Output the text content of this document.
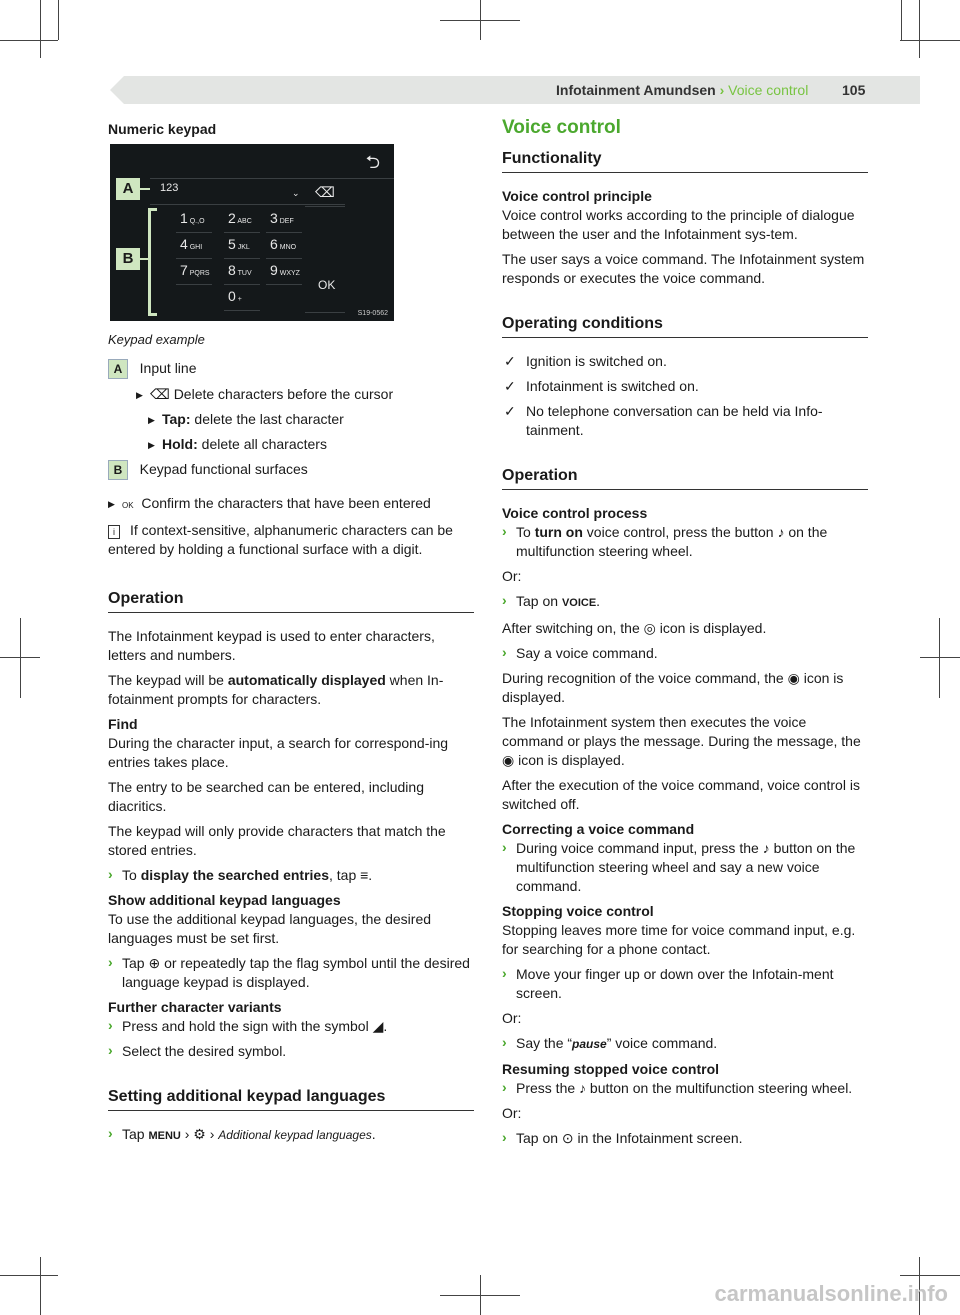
Infotainment Amundsen › Voice control 105

Numeric keypad

⮌
123	⌄ ⌫
1 Q.,O 2 ABC 3 DEF
4 GHI 5 JKL 6 MNO
7 PQRS 8 TUV 9 WXYZ
0 +
OK
A
B
S19-0562

Keypad example

A Input line

▶ ⌫ Delete characters before the cursor

▶ Tap: delete the last character

▶ Hold: delete all characters

B Keypad functional surfaces

▶ OK Confirm the characters that have been entered

i If context-sensitive, alphanumeric characters can be entered by holding a functional surface with a digit.

Operation

The Infotainment keypad is used to enter characters, letters and numbers.

The keypad will be automatically displayed when In-fotainment prompts for characters.

Find

During the character input, a search for correspond-ing entries takes place.

The entry to be searched can be entered, including diacritics.

The keypad will only provide characters that match the stored entries.

› To display the searched entries, tap ≡.

Show additional keypad languages

To use the additional keypad languages, the desired languages must be set first.

› Tap ⊕ or repeatedly tap the flag symbol until the desired language keypad is displayed.

Further character variants

› Press and hold the sign with the symbol ◢.

› Select the desired symbol.

Setting additional keypad languages

› Tap MENU › ⚙ › Additional keypad languages.

Voice control

Functionality

Voice control principle

Voice control works according to the principle of dialogue between the user and the Infotainment sys-tem.

The user says a voice command. The Infotainment system responds or executes the voice command.

Operating conditions

✓ Ignition is switched on.

✓ Infotainment is switched on.

✓ No telephone conversation can be held via Info-tainment.

Operation

Voice control process

› To turn on voice control, press the button ♪ on the multifunction steering wheel.

Or:

› Tap on VOICE.

After switching on, the ◎ icon is displayed.

› Say a voice command.

During recognition of the voice command, the ◉ icon is displayed.

The Infotainment system then executes the voice command or plays the message. During the message, the ◉ icon is displayed.

After the execution of the voice command, voice control is switched off.

Correcting a voice command

› During voice command input, press the ♪ button on the multifunction steering wheel and say a new voice command.

Stopping voice control

Stopping leaves more time for voice command input, e.g. for searching for a phone contact.

› Move your finger up or down over the Infotain-ment screen.

Or:

› Say the “pause” voice command.

Resuming stopped voice control

› Press the ♪ button on the multifunction steering wheel.

Or:

› Tap on ⊙ in the Infotainment screen.

carmanualsonline.info
